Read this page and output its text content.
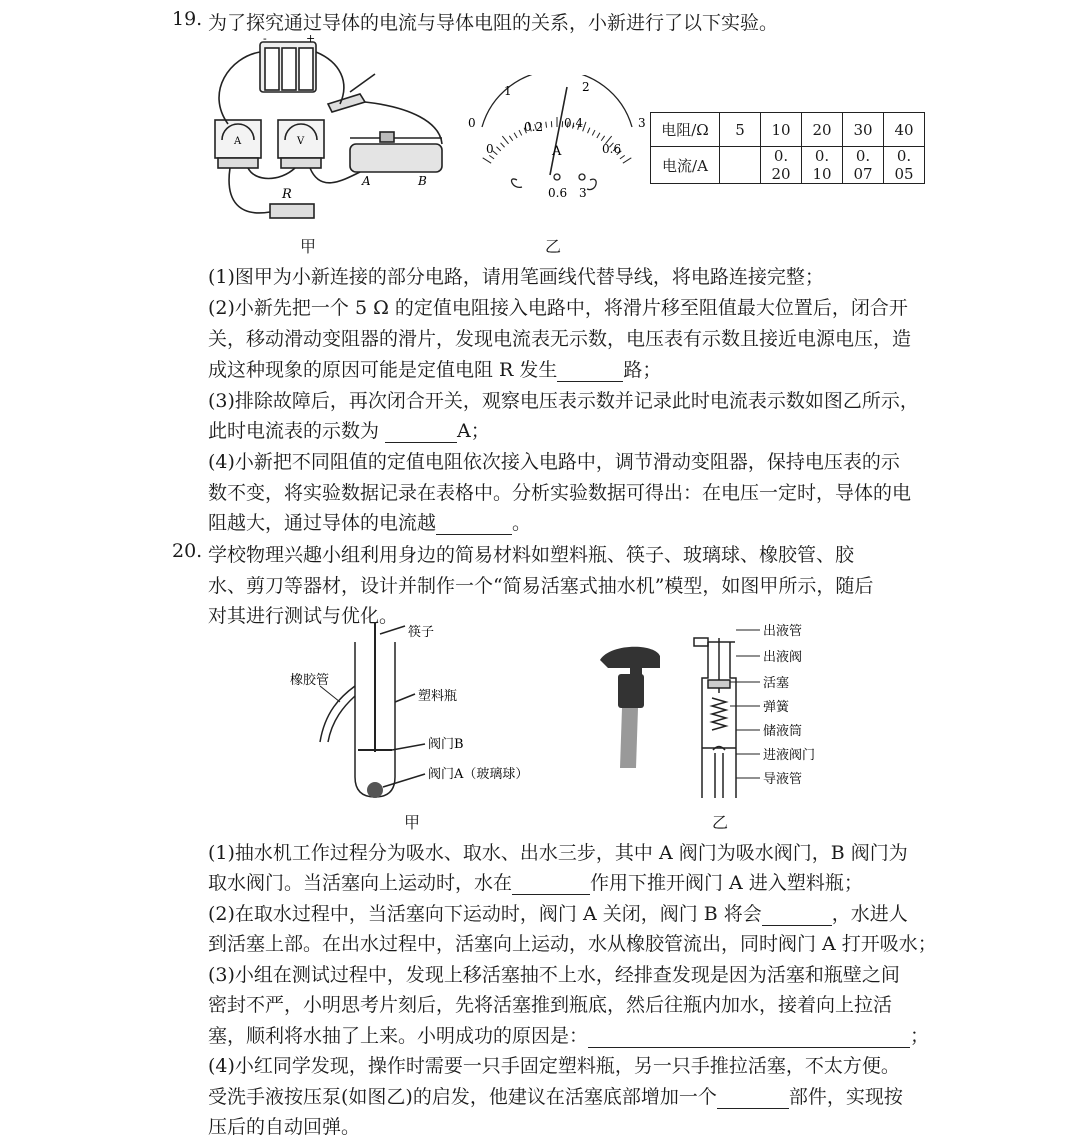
19. 为了探究通过导体的电流与导体电阻的关系，小新进行了以下实验。
-	+
A	V
A	B
R
1	2
0	3
0
0.2 0.4
0.6
A
0.6 3
电阻/Ω	5	10	20	30	40
电流/A		0. 20	0. 10	0. 07	0. 05
甲	乙
(1)图甲为小新连接的部分电路，请用笔画线代替导线，将电路连接完整；
(2)小新先把一个 5 Ω 的定值电阻接入电路中，将滑片移至阻值最大位置后，闭合开
关，移动滑动变阻器的滑片，发现电流表无示数，电压表有示数且接近电源电压，造
成这种现象的原因可能是定值电阻 R 发生	路；
(3)排除故障后，再次闭合开关，观察电压表示数并记录此时电流表示数如图乙所示，
此时电流表的示数为	A；
(4)小新把不同阻值的定值电阻依次接入电路中，调节滑动变阻器，保持电压表的示
数不变，将实验数据记录在表格中。分析实验数据可得出：在电压一定时，导体的电
阻越大，通过导体的电流越	。
20. 学校物理兴趣小组利用身边的简易材料如塑料瓶、筷子、玻璃球、橡胶管、胶
水、剪刀等器材，设计并制作一个“简易活塞式抽水机”模型，如图甲所示，随后
对其进行测试与优化。
筷子
橡胶管
塑料瓶
阀门B
阀门A（玻璃球）
出液管
出液阀
活塞
弹簧
储液筒
进液阀门
导液管
甲	乙
(1)抽水机工作过程分为吸水、取水、出水三步，其中 A 阀门为吸水阀门，B 阀门为
取水阀门。当活塞向上运动时，水在	作用下推开阀门 A 进入塑料瓶；
(2)在取水过程中，当活塞向下运动时，阀门 A 关闭，阀门 B 将会	，水进人
到活塞上部。在出水过程中，活塞向上运动，水从橡胶管流出，同时阀门 A 打开吸水；
(3)小组在测试过程中，发现上移活塞抽不上水，经排查发现是因为活塞和瓶壁之间
密封不严，小明思考片刻后，先将活塞推到瓶底，然后往瓶内加水，接着向上拉活
塞，顺利将水抽了上来。小明成功的原因是：	；
(4)小红同学发现，操作时需要一只手固定塑料瓶，另一只手推拉活塞，不太方便。
受洗手液按压泵(如图乙)的启发，他建议在活塞底部增加一个	部件，实现按
压后的自动回弹。
